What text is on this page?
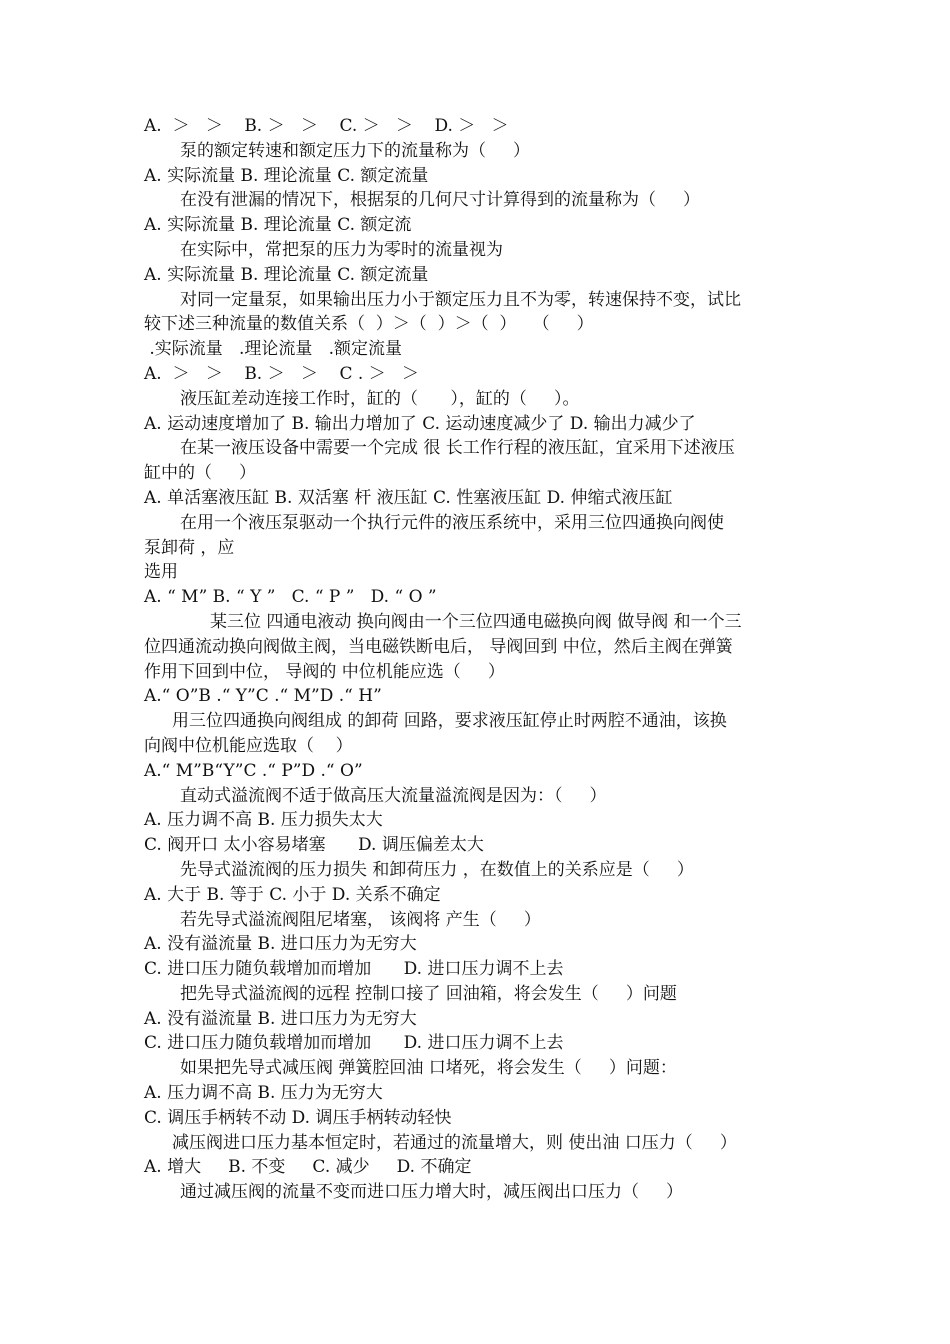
A.  ＞   ＞    B. ＞   ＞    C. ＞   ＞    D. ＞   ＞
泵的额定转速和额定压力下的流量称为（     ）
A. 实际流量 B. 理论流量 C. 额定流量
在没有泄漏的情况下，根据泵的几何尺寸计算得到的流量称为（     ）
A. 实际流量 B. 理论流量 C. 额定流
在实际中，常把泵的压力为零时的流量视为
A. 实际流量 B. 理论流量 C. 额定流量
对同一定量泵，如果输出压力小于额定压力且不为零，转速保持不变，试比
较下述三种流量的数值关系（  ）＞（  ）＞（  ）   （     ）
.实际流量   .理论流量   .额定流量
A.  ＞   ＞    B. ＞   ＞    C . ＞   ＞
液压缸差动连接工作时，缸的（      ），缸的（     ）。
A. 运动速度增加了 B. 输出力增加了 C. 运动速度减少了 D. 输出力减少了
在某一液压设备中需要一个完成 很 长工作行程的液压缸，宜采用下述液压
缸中的（     ）
A. 单活塞液压缸 B. 双活塞 杆 液压缸 C. 性塞液压缸 D. 伸缩式液压缸
在用一个液压泵驱动一个执行元件的液压系统中，采用三位四通换向阀使
泵卸荷 ，应
选用
A. “ M” B. “ Y ”   C. “ P ”   D. “ O ”
某三位 四通电液动 换向阀由一个三位四通电磁换向阀 做导阀 和一个三
位四通流动换向阀做主阀，当电磁铁断电后， 导阀回到 中位，然后主阀在弹簧
作用下回到中位， 导阀的 中位机能应选（     ）
A.“ O”B .“ Y”C .“ M”D .“ H”
用三位四通换向阀组成 的卸荷 回路，要求液压缸停止时两腔不通油，该换
向阀中位机能应选取（    ）
A.“ M”B“Y”C .“ P”D .“ O”
直动式溢流阀不适于做高压大流量溢流阀是因为：（     ）
A. 压力调不高 B. 压力损失太大
C. 阀开口 太小容易堵塞      D. 调压偏差太大
先导式溢流阀的压力损失 和卸荷压力 ，在数值上的关系应是（     ）
A. 大于 B. 等于 C. 小于 D. 关系不确定
若先导式溢流阀阻尼堵塞， 该阀将 产生（     ）
A. 没有溢流量 B. 进口压力为无穷大
C. 进口压力随负载增加而增加      D. 进口压力调不上去
把先导式溢流阀的远程 控制口接了 回油箱，将会发生（     ）问题
A. 没有溢流量 B. 进口压力为无穷大
C. 进口压力随负载增加而增加      D. 进口压力调不上去
如果把先导式减压阀 弹簧腔回油 口堵死，将会发生（     ）问题：
A. 压力调不高 B. 压力为无穷大
C. 调压手柄转不动 D. 调压手柄转动轻快
减压阀进口压力基本恒定时，若通过的流量增大，则 使出油 口压力（     ）
A. 增大     B. 不变     C. 减少     D. 不确定
通过减压阀的流量不变而进口压力增大时，减压阀出口压力（     ）
